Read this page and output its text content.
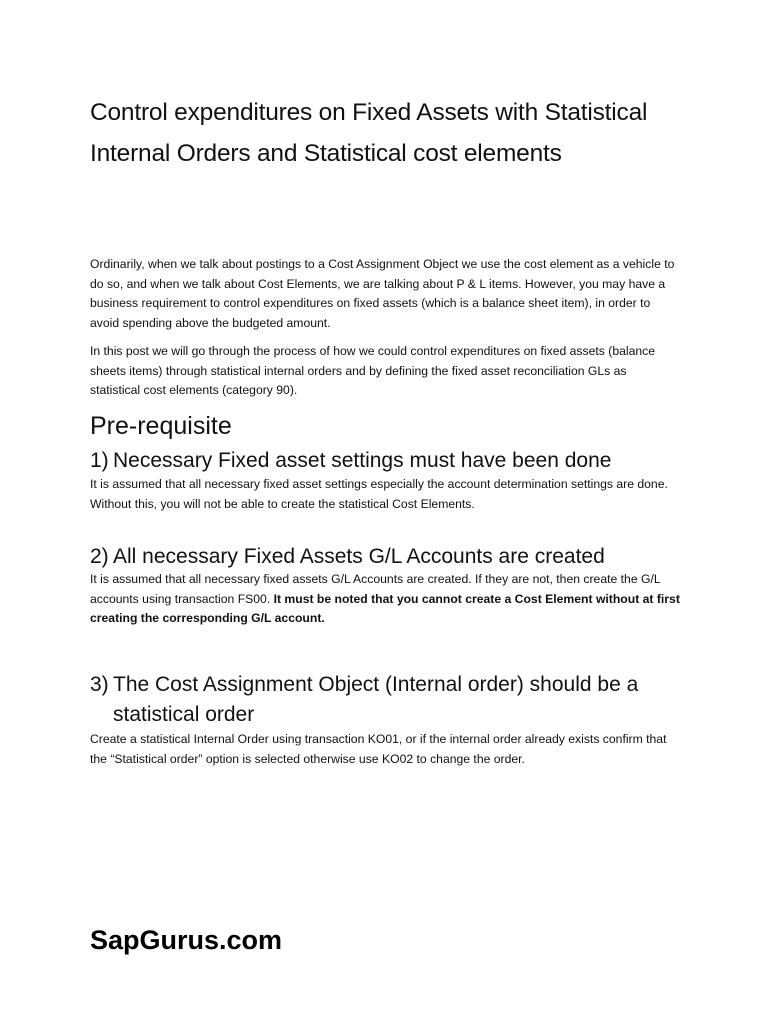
Control expenditures on Fixed Assets with Statistical Internal Orders and Statistical cost elements

Ordinarily, when we talk about postings to a Cost Assignment Object we use the cost element as a vehicle to do so, and when we talk about Cost Elements, we are talking about P & L items. However, you may have a business requirement to control expenditures on fixed assets (which is a balance sheet item), in order to avoid spending above the budgeted amount.

In this post we will go through the process of how we could control expenditures on fixed assets (balance sheets items) through statistical internal orders and by defining the fixed asset reconciliation GLs as statistical cost elements (category 90).

Pre-requisite
1) Necessary Fixed asset settings must have been done

It is assumed that all necessary fixed asset settings especially the account determination settings are done. Without this, you will not be able to create the statistical Cost Elements.

2) All necessary Fixed Assets G/L Accounts are created

It is assumed that all necessary fixed assets G/L Accounts are created. If they are not, then create the G/L accounts using transaction FS00. It must be noted that you cannot create a Cost Element without at first creating the corresponding G/L account.

3) The Cost Assignment Object (Internal order) should be a statistical order

Create a statistical Internal Order using transaction KO01, or if the internal order already exists confirm that the “Statistical order” option is selected otherwise use KO02 to change the order.

SapGurus.com
